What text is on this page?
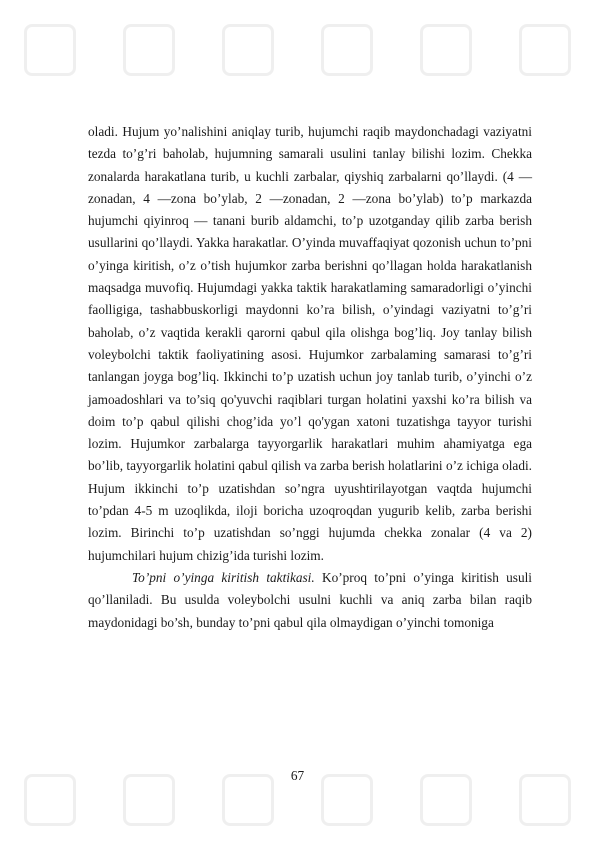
oladi. Hujum yo’nalishini aniqlay turib, hujumchi raqib maydonchadagi vaziyatni tezda to’g’ri baholab, hujumning samarali usulini tanlay bilishi lozim. Chekka zonalarda harakatlana turib, u kuchli zarbalar, qiyshiq zarbalarni qo’llaydi. (4 — zonadan, 4 —zona bo’ylab, 2 —zonadan, 2 —zona bo’ylab) to’p markazda hujumchi qiyinroq — tanani burib aldamchi, to’p uzotganday qilib zarba berish usullarini qo’llaydi. Yakka harakatlar. O’yinda muvaffaqiyat qozonish uchun to’pni o’yinga kiritish, o’z o’tish hujumkor zarba berishni qo’llagan holda harakatlanish maqsadga muvofiq. Hujumdagi yakka taktik harakatlaming samaradorligi o’yinchi faolligiga, tashabbuskorligi maydonni ko’ra bilish, o’yindagi vaziyatni to’g’ri baholab, o’z vaqtida kerakli qarorni qabul qila olishga bog’liq. Joy tanlay bilish voleybolchi taktik faoliyatining asosi. Hujumkor zarbalaming samarasi to’g’ri tanlangan joyga bog’liq. Ikkinchi to’p uzatish uchun joy tanlab turib, o’yinchi o’z jamoadoshlari va to’siq qo'yuvchi raqiblari turgan holatini yaxshi ko’ra bilish va doim to’p qabul qilishi chog’ida yo’l qo'ygan xatoni tuzatishga tayyor turishi lozim. Hujumkor zarbalarga tayyorgarlik harakatlari muhim ahamiyatga ega bo’lib, tayyorgarlik holatini qabul qilish va zarba berish holatlarini o’z ichiga oladi. Hujum ikkinchi to’p uzatishdan so’ngra uyushtirilayotgan vaqtda hujumchi to’pdan 4-5 m uzoqlikda, iloji boricha uzoqroqdan yugurib kelib, zarba berishi lozim. Birinchi to’p uzatishdan so’nggi hujumda chekka zonalar (4 va 2) hujumchilari hujum chizig’ida turishi lozim.

To’pni o’yinga kiritish taktikasi. Ko’proq to’pni o’yinga kiritish usuli qo’llaniladi. Bu usulda voleybolchi usulni kuchli va aniq zarba bilan raqib maydonidagi bo’sh, bunday to’pni qabul qila olmaydigan o’yinchi tomoniga

67
